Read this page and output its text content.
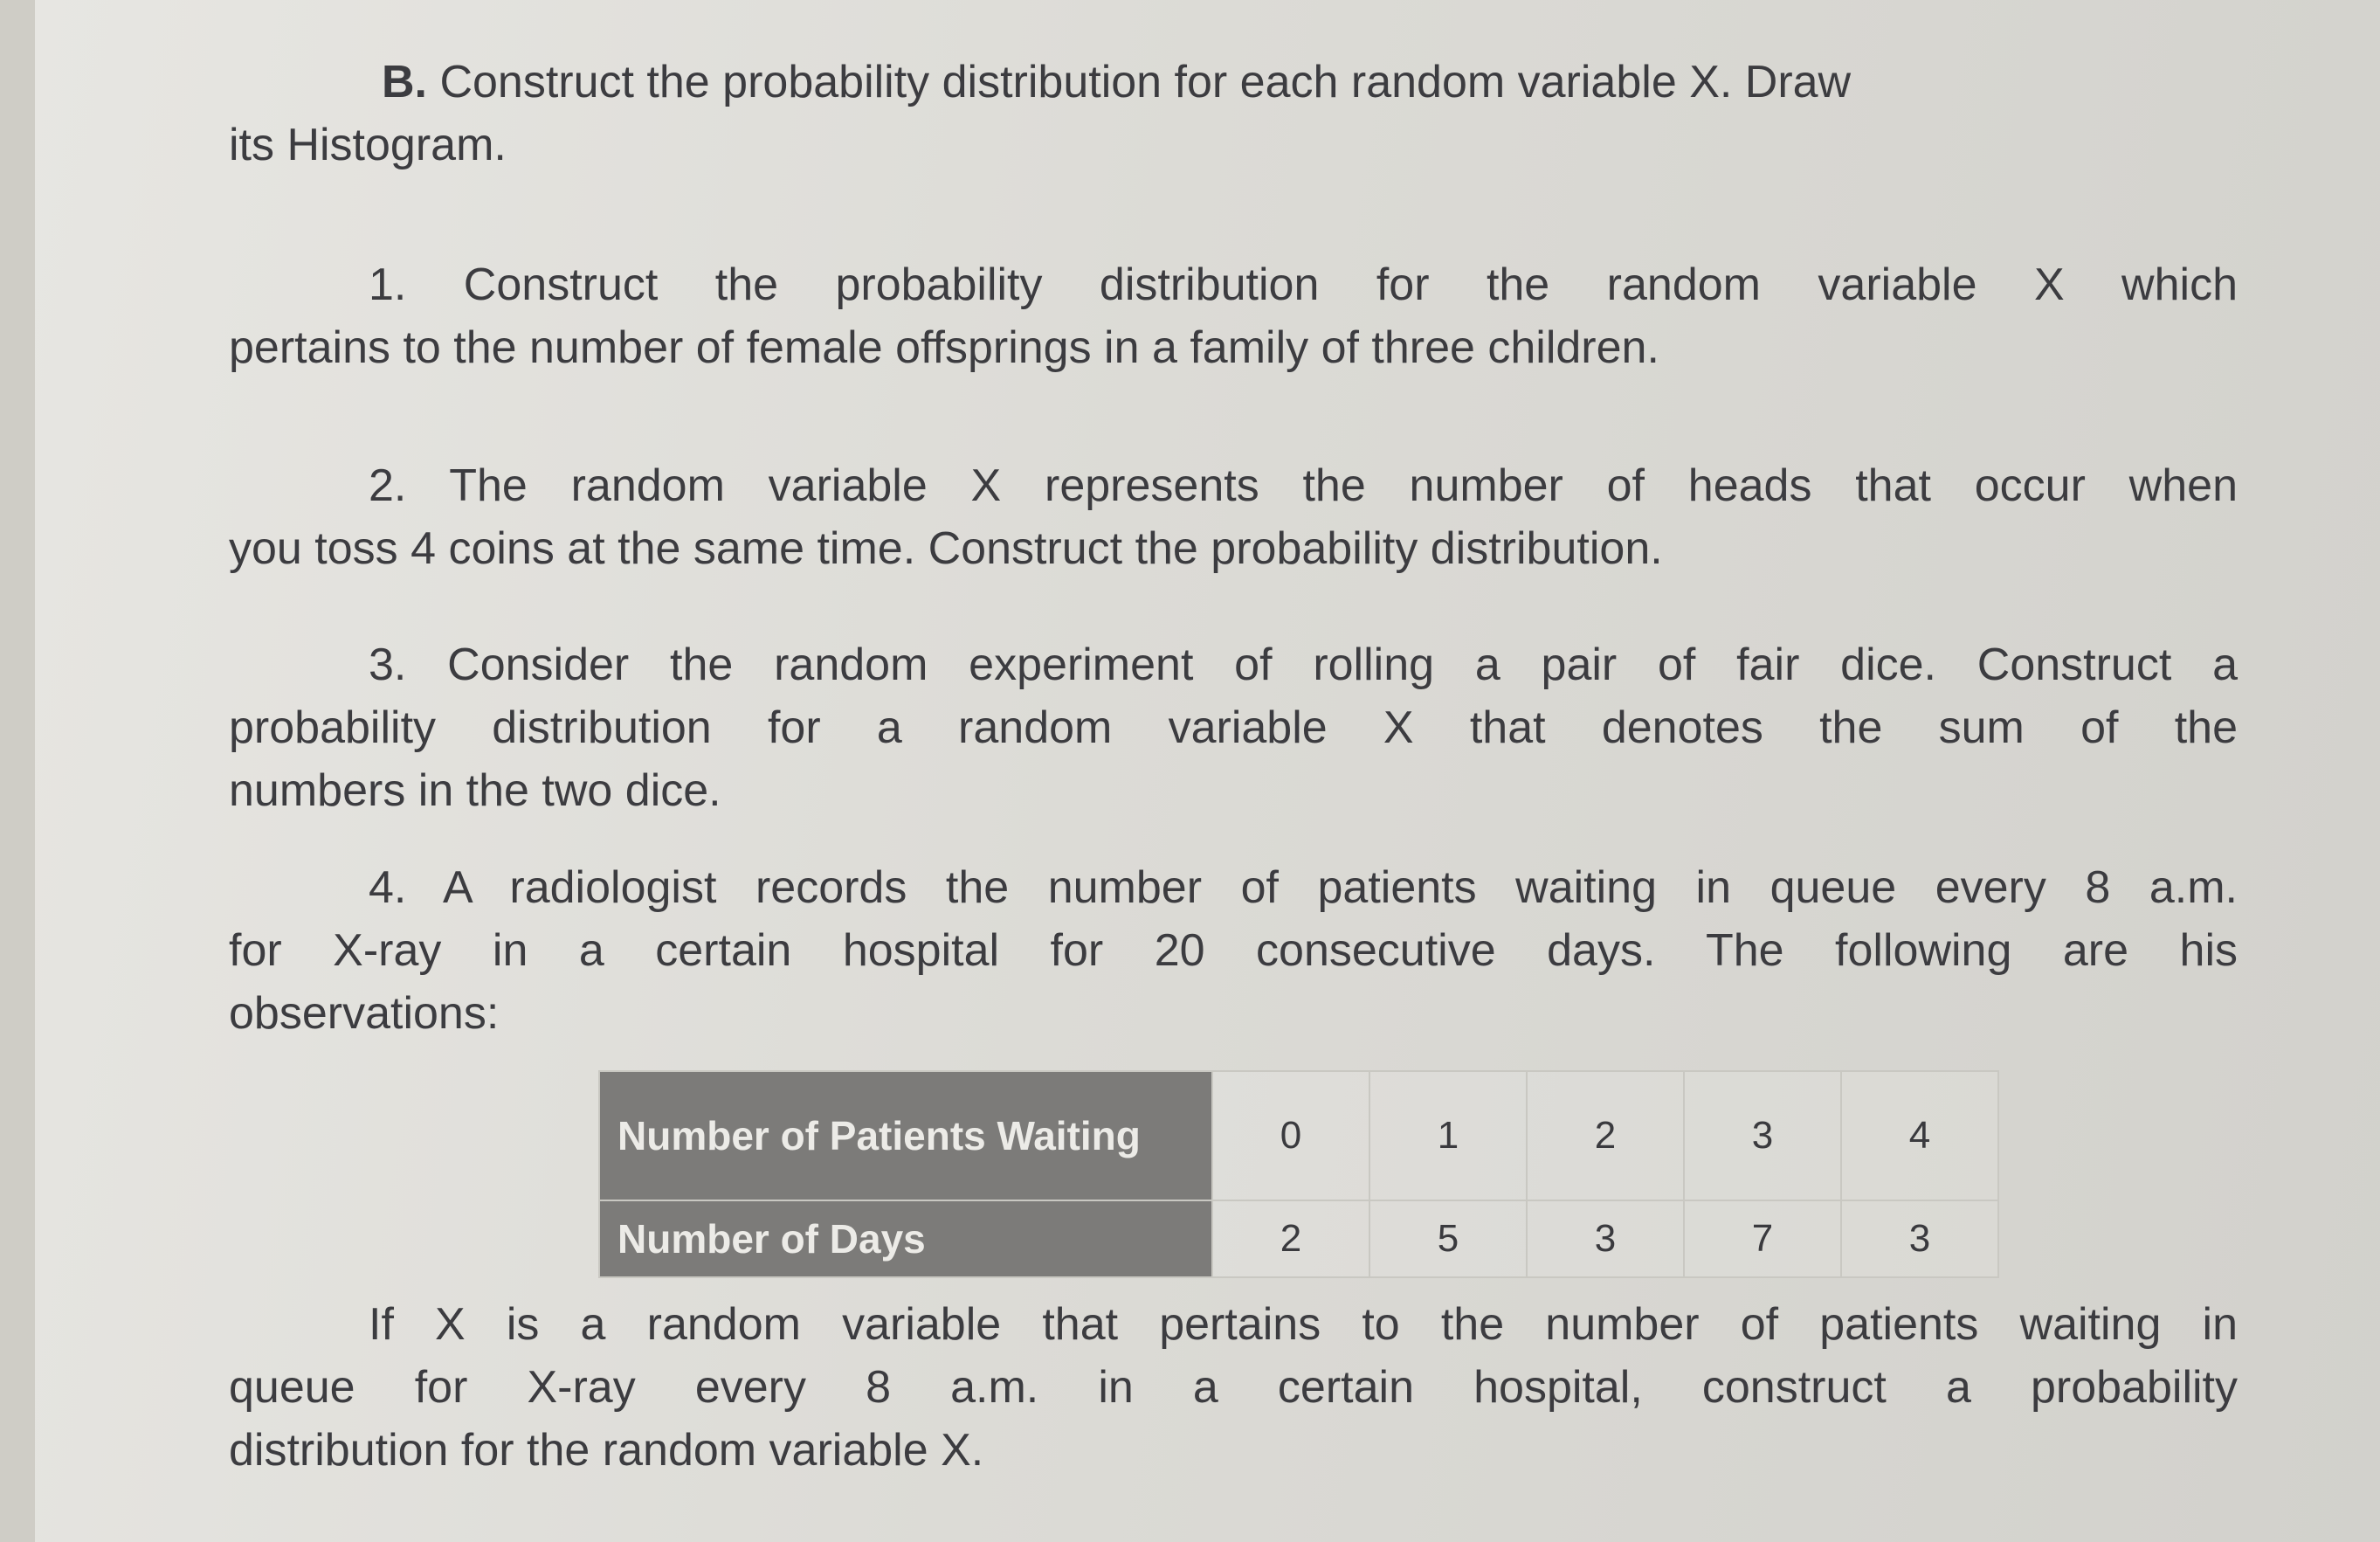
B. Construct the probability distribution for each random variable X. Draw
its Histogram.

1. Construct the probability distribution for the random variable X which
pertains to the number of female offsprings in a family of three children.

2. The random variable X represents the number of heads that occur when
you toss 4 coins at the same time. Construct the probability distribution.

3. Consider the random experiment of rolling a pair of fair dice. Construct a
probability distribution for a random variable X that denotes the sum of the
numbers in the two dice.

4. A radiologist records the number of patients waiting in queue every 8 a.m.
for X-ray in a certain hospital for 20 consecutive days. The following are his
observations:

Number of Patients Waiting	0	1	2	3	4
Number of Days	2	5	3	7	3

If X is a random variable that pertains to the number of patients waiting in
queue for X-ray every 8 a.m. in a certain hospital, construct a probability
distribution for the random variable X.
